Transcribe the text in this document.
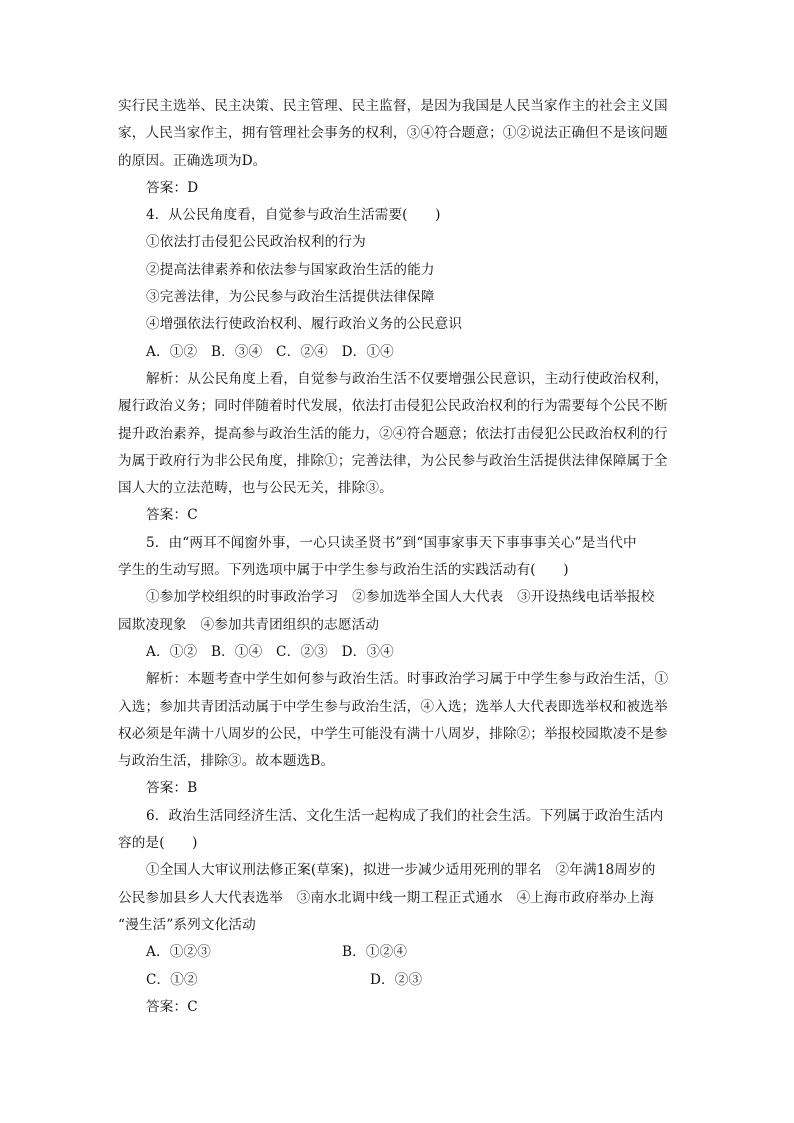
实行民主选举、民主决策、民主管理、民主监督，是因为我国是人民当家作主的社会主义国
家，人民当家作主，拥有管理社会事务的权利，③④符合题意；①②说法正确但不是该问题
的原因。正确选项为D。
答案：D
4．从公民角度看，自觉参与政治生活需要(　　)
①依法打击侵犯公民政治权利的行为
②提高法律素养和依法参与国家政治生活的能力
③完善法律，为公民参与政治生活提供法律保障
④增强依法行使政治权利、履行政治义务的公民意识
A．①②　B．③④　C．②④　D．①④
解析：从公民角度上看，自觉参与政治生活不仅要增强公民意识，主动行使政治权利，
履行政治义务；同时伴随着时代发展，依法打击侵犯公民政治权利的行为需要每个公民不断
提升政治素养，提高参与政治生活的能力，②④符合题意；依法打击侵犯公民政治权利的行
为属于政府行为非公民角度，排除①；完善法律，为公民参与政治生活提供法律保障属于全
国人大的立法范畴，也与公民无关，排除③。
答案：C
5．由“两耳不闻窗外事，一心只读圣贤书”到“国事家事天下事事事关心”是当代中
学生的生动写照。下列选项中属于中学生参与政治生活的实践活动有(　　)
①参加学校组织的时事政治学习　②参加选举全国人大代表　③开设热线电话举报校
园欺凌现象　④参加共青团组织的志愿活动
A．①②　B．①④　C．②③　D．③④
解析：本题考查中学生如何参与政治生活。时事政治学习属于中学生参与政治生活，①
入选；参加共青团活动属于中学生参与政治生活，④入选；选举人大代表即选举权和被选举
权必须是年满十八周岁的公民，中学生可能没有满十八周岁，排除②；举报校园欺凌不是参
与政治生活，排除③。故本题选B。
答案：B
6．政治生活同经济生活、文化生活一起构成了我们的社会生活。下列属于政治生活内
容的是(　　)
①全国人大审议刑法修正案(草案)，拟进一步减少适用死刑的罪名　②年满18周岁的
公民参加县乡人大代表选举　③南水北调中线一期工程正式通水　④上海市政府举办上海
“漫生活”系列文化活动
A．①②③	B．①②④
C．①②	D．②③
答案：C
